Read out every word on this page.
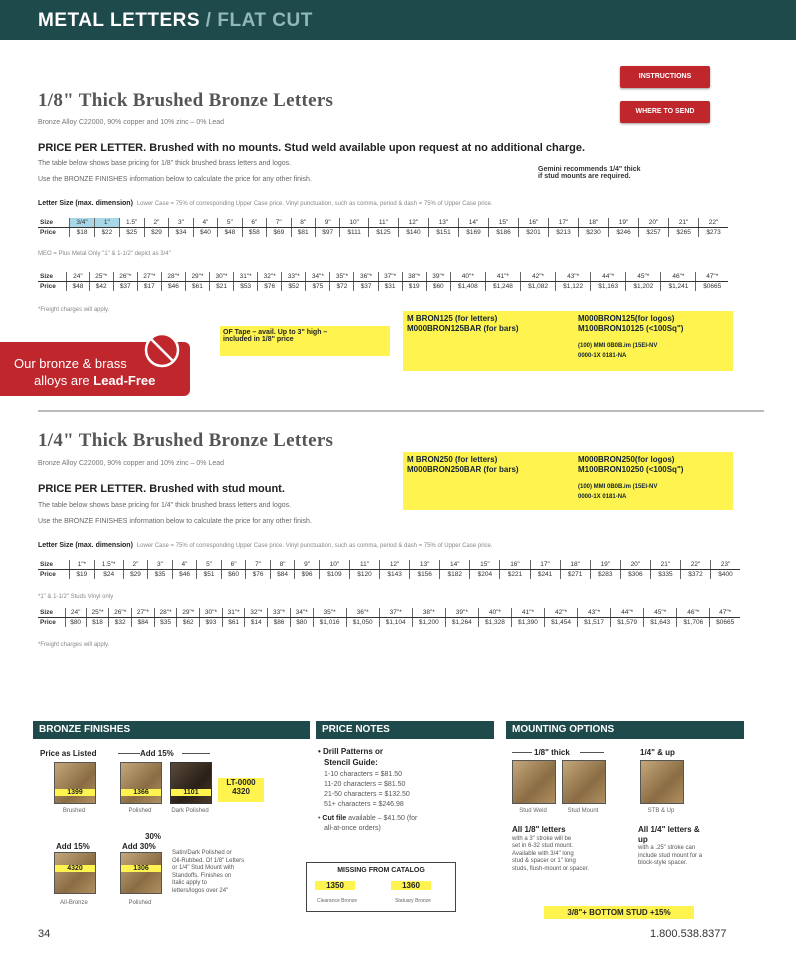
METAL LETTERS / FLAT CUT
INSTRUCTIONS
WHERE TO SEND
1/8" Thick Brushed Bronze Letters
Bronze Alloy C22000, 90% copper and 10% zinc – 0% Lead
PRICE PER LETTER. Brushed with no mounts. Stud weld available upon request at no additional charge.
The table below shows base pricing for 1/8" thick brushed brass letters and logos.
Use the BRONZE FINISHES information below to calculate the price for any other finish.
Gemini recommends 1/4" thick
if stud mounts are required.
Letter Size (max. dimension) Lower Case = 75% of corresponding Upper Case price. Vinyl punctuation, such as comma, period & dash = 75% of Upper Case price.
Size	3/4"	1"	1.5"	2"	3"	4"	5"	6"	7"	8"	9"	10"	11"	12"	13"	14"	15"	16"	17"	18"	19"	20"	21"	22"
Price	$18	$22	$25	$29	$34	$40	$48	$58	$69	$81	$97	$111	$125	$140	$151	$169	$186	$201	$213	$230	$246	$257	$265	$273
MEO = Plus Metal Only "1" & 1-1/2" depict as 3/4"
Size	24"	25"*	26"*	27"*	28"*	29"*	30"*	31"*	32"*	33"*	34"*	35"*	36"*	37"*	38"*	39"*	40"*	41"*	42"*	43"*	44"*	45"*	46"*	47"*
Price	$48	$42	$37	$17	$46	$61	$21	$53	$76	$52	$75	$72	$37	$31	$19	$60	$1,408	$1,248	$1,082	$1,122	$1,163	$1,202	$1,241	$0665
*Freight charges will apply.
OF Tape – avail. Up to 3" high –
included in 1/8" price
M BRON125 (for letters)
M000BRON125BAR (for bars)
M000BRON125(for logos)
M100BRON10125 (<100Sq")
(100) MMI 0B0B.im (15EI-NV
0000-1X 0181-NA
Our bronze & brass
alloys are Lead-Free
1/4" Thick Brushed Bronze Letters
Bronze Alloy C22000, 90% copper and 10% zinc – 0% Lead
PRICE PER LETTER. Brushed with stud mount.
The table below shows base pricing for 1/4" thick brushed brass letters and logos.
Use the BRONZE FINISHES information below to calculate the price for any other finish.
M BRON250 (for letters)
M000BRON250BAR (for bars)
M000BRON250(for logos)
M100BRON10250 (<100Sq")
(100) MMI 0B0B.im (15EI-NV
0000-1X 0181-NA
Letter Size (max. dimension) Lower Case = 75% of corresponding Upper Case price. Vinyl punctuation, such as comma, period & dash = 75% of Upper Case price.
Size	1"*	1.5"*	2"	3"	4"	5"	6"	7"	8"	9"	10"	11"	12"	13"	14"	15"	16"	17"	18"	19"	20"	21"	22"	23"
Price	$19	$24	$29	$35	$46	$51	$60	$76	$84	$96	$109	$120	$143	$156	$182	$204	$221	$241	$271	$283	$306	$335	$372	$400
*1" & 1-1/2" Studs Vinyl only
Size	24"	25"*	26"*	27"*	28"*	29"*	30"*	31"*	32"*	33"*	34"*	35"*	36"*	37"*	38"*	39"*	40"*	41"*	42"*	43"*	44"*	45"*	46"*	47"*
Price	$80	$18	$32	$84	$35	$62	$93	$61	$14	$86	$80	$1,016	$1,050	$1,104	$1,200	$1,264	$1,328	$1,390	$1,454	$1,517	$1,579	$1,643	$1,706	$0665
*Freight charges will apply.
BRONZE FINISHES	PRICE NOTES	MOUNTING OPTIONS
Price as Listed	Add 15%
1399
Brushed
1366
Polished
1101
Dark Polished
LT-0000
4320
Add 15%
30%
Add 30%
4320
All-Bronze
1306
Polished
Satin/Dark Polished or
Oil-Rubbed. Of 1/8" Letters
or 1/4" Stud Mount with
Standoffs. Finishes on
Italic apply to
letters/logos over 24"
• Drill Patterns or
Stencil Guide:
1-10 characters = $81.50
11-20 characters = $81.50
21-50 characters = $132.50
51+ characters = $246.98
• Cut file available – $41.50 (for
all-at-once orders)
MISSING FROM CATALOG
1350	1360
Clearance Bronze	Statuary Bronze
1/8" thick	1/4" & up
Stud Weld	Stud Mount	STB & Up
All 1/8" letters
with a 3" stroke will be
set in 6-32 stud mount.
Available with 3/4" long
stud & spacer or 1" long
studs, flush-mount or spacer.
All 1/4" letters &
up
with a .25" stroke can
include stud mount for a
block-style spacer.
3/8"+ BOTTOM STUD +15%
34	1.800.538.8377
